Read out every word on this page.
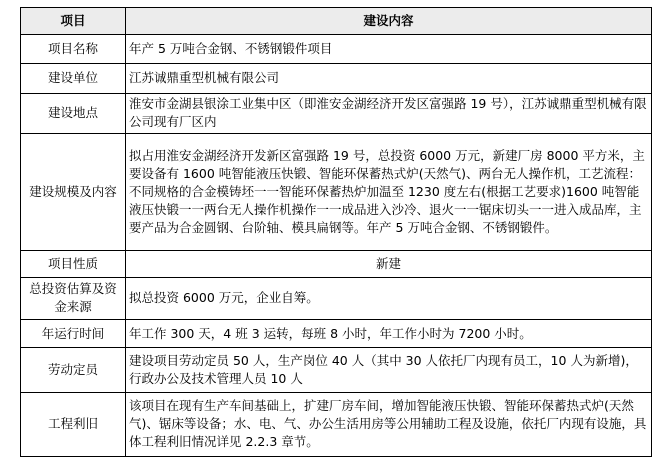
项目	建设内容
项目名称	年产 5 万吨合金钢、不锈钢锻件项目
建设单位	江苏诚鼎重型机械有限公司
建设地点	淮安市金湖县银涂工业集中区（即淮安金湖经济开发区富强路 19 号），江苏诚鼎重型机械有限公司现有厂区内
建设规模及内容	拟占用淮安金湖经济开发新区富强路 19 号，总投资 6000 万元，新建厂房 8000 平方米，主要设备有 1600 吨智能液压快锻、智能环保蓄热式炉(天然气)、两台无人操作机，工艺流程：不同规格的合金模铸坯一一智能环保蓄热炉加温至 1230 度左右(根据工艺要求)1600 吨智能液压快锻一一两台无人操作机操作一一成品进入沙冷、退火一一锯床切头一一进入成品库，主要产品为合金圆钢、台阶轴、模具扁钢等。年产 5 万吨合金钢、不锈钢锻件。
项目性质	新建
总投资估算及资金来源	拟总投资 6000 万元，企业自筹。
年运行时间	年工作 300 天，4 班 3 运转，每班 8 小时，年工作小时为 7200 小时。
劳动定员	建设项目劳动定员 50 人，生产岗位 40 人（其中 30 人依托厂内现有员工，10 人为新增)，行政办公及技术管理人员 10 人
工程利旧	该项目在现有生产车间基础上，扩建厂房车间，增加智能液压快锻、智能环保蓄热式炉(天然气)、锯床等设备；水、电、气、办公生活用房等公用辅助工程及设施，依托厂内现有设施，具体工程利旧情况详见 2.2.3 章节。
